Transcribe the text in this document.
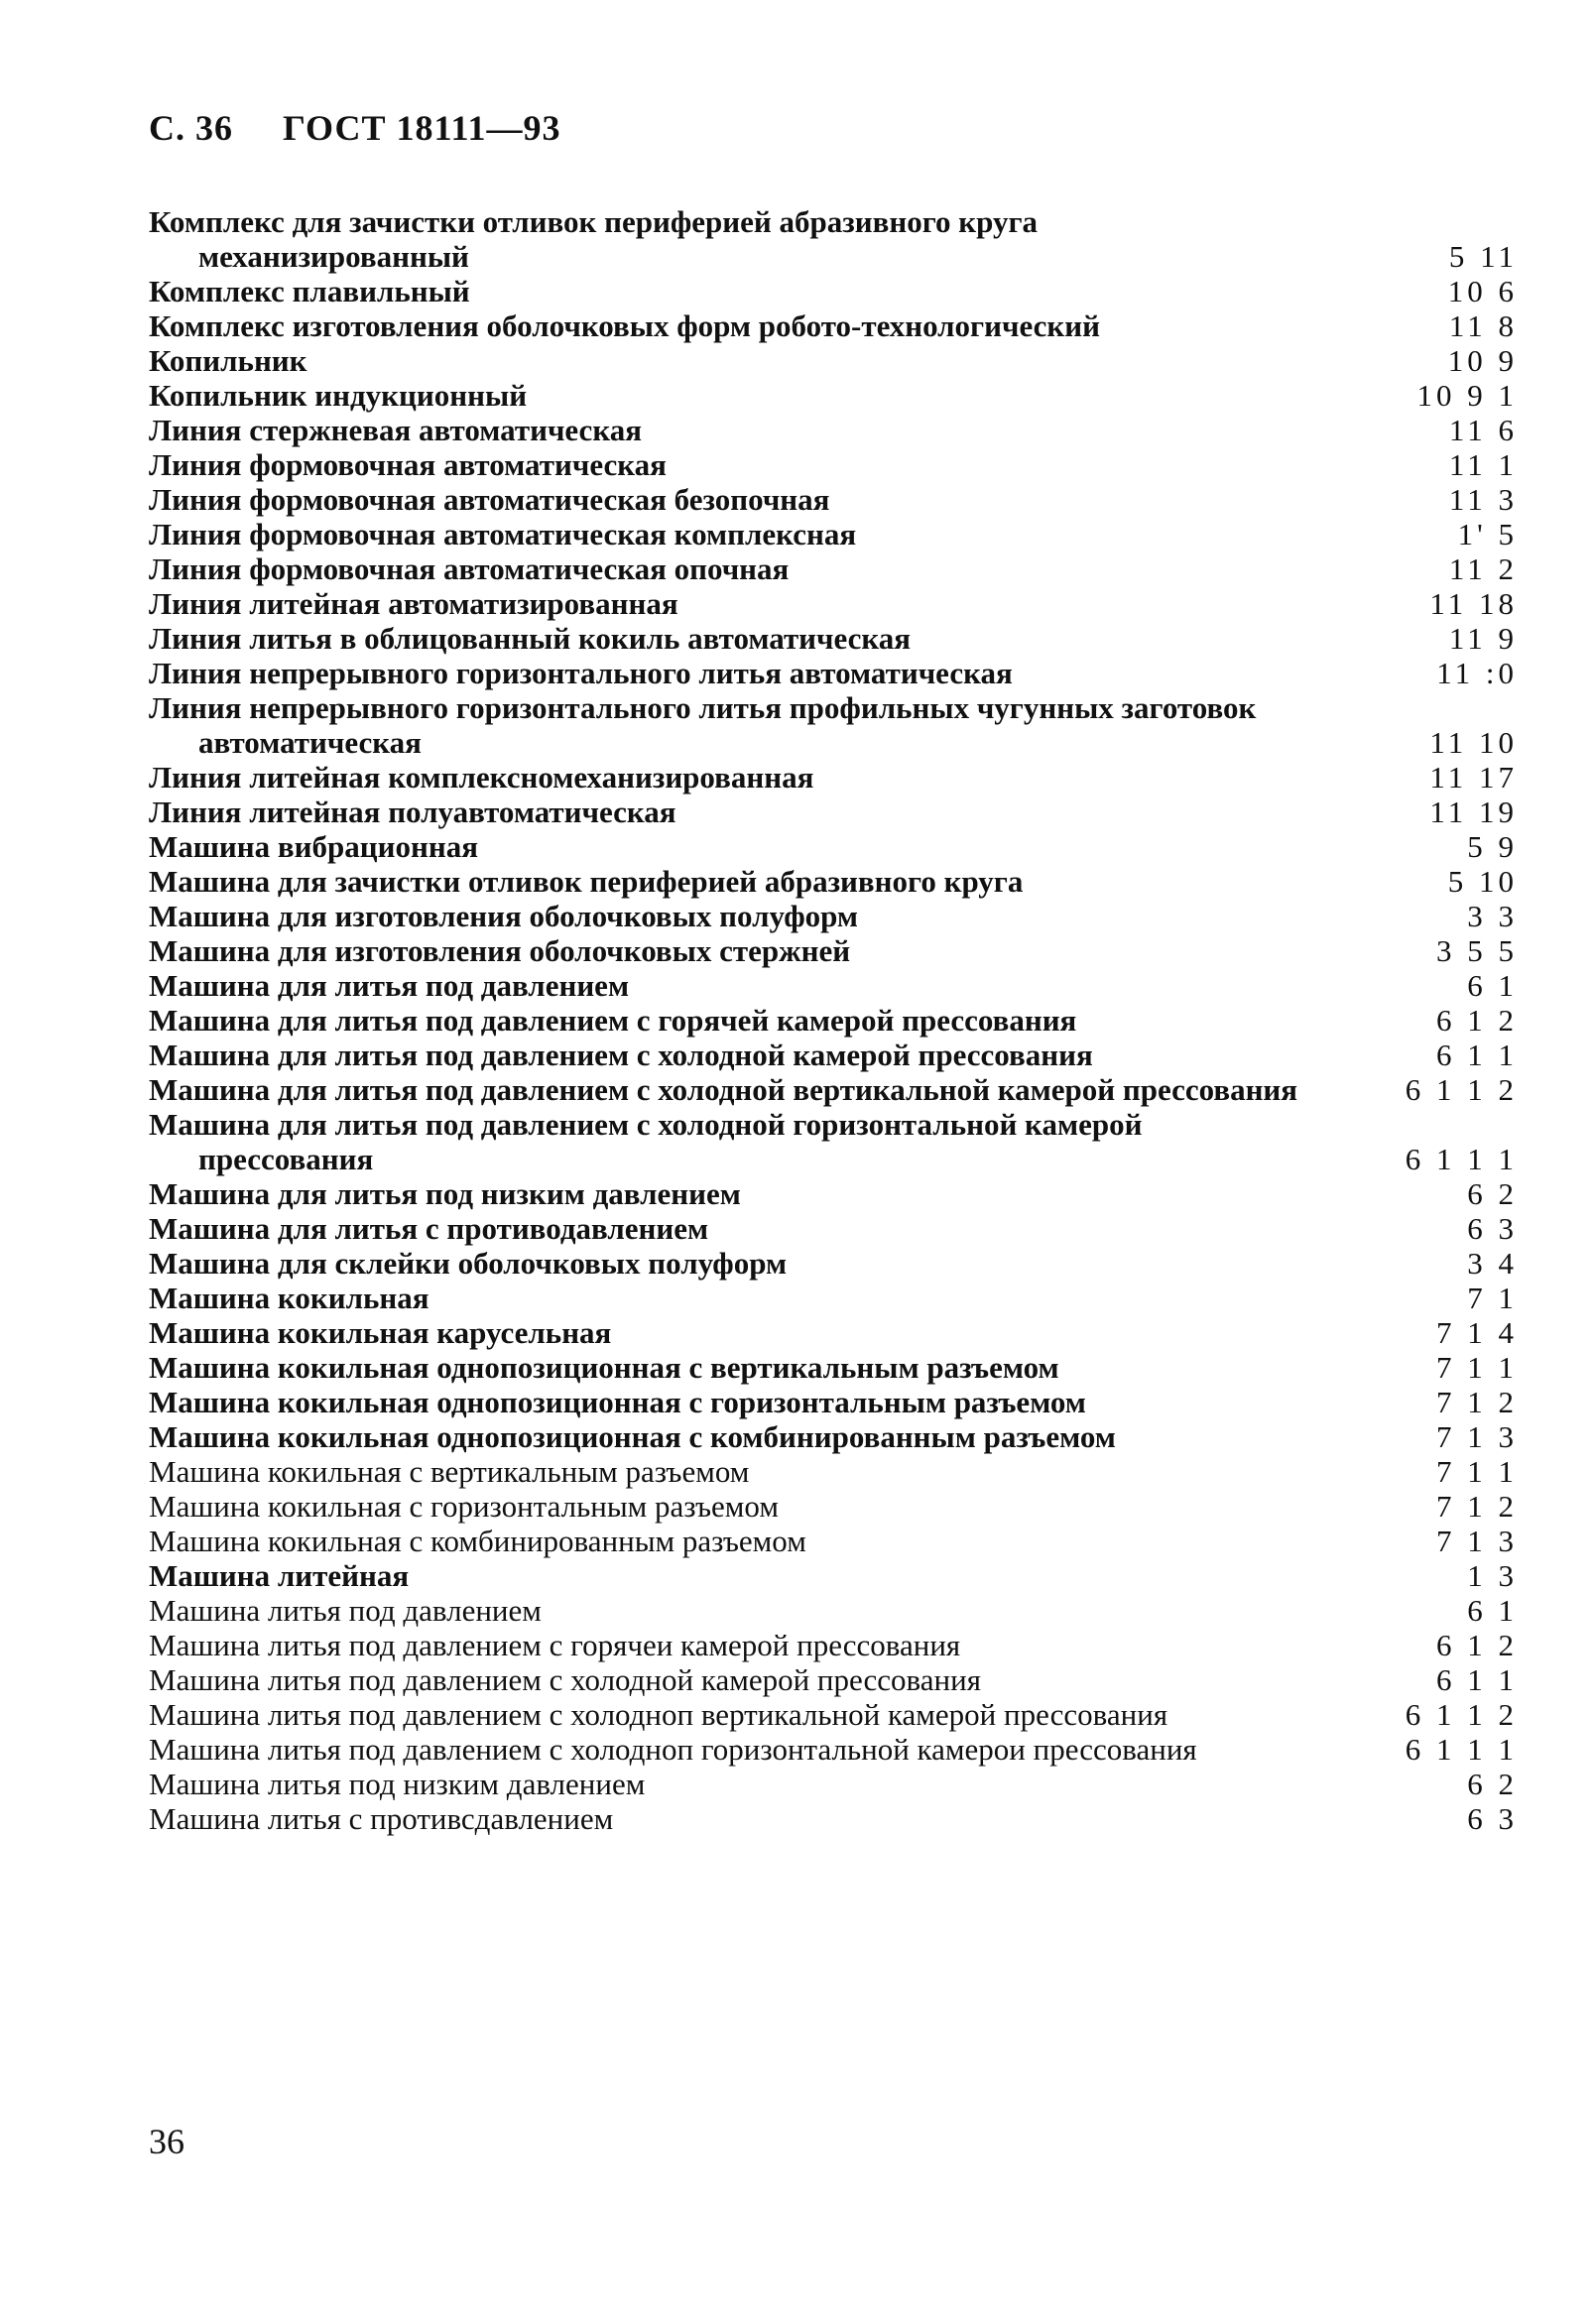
С. 36 ГОСТ 18111—93
Комплекс для зачистки отливок периферией абразивного круга механизированный	5 11
Комплекс плавильный	10 6
Комплекс изготовления оболочковых форм робото-технологический	11 8
Копильник	10 9
Копильник индукционный	10 9 1
Линия стержневая автоматическая	11 6
Линия формовочная автоматическая	11 1
Линия формовочная автоматическая безопочная	11 3
Линия формовочная автоматическая комплексная	1' 5
Линия формовочная автоматическая опочная	11 2
Линия литейная автоматизированная	11 18
Линия литья в облицованный кокиль автоматическая	11 9
Линия непрерывного горизонтального литья автоматическая	11 :0
Линия непрерывного горизонтального литья профильных чугунных заготовок автоматическая	11 10
Линия литейная комплексномеханизированная	11 17
Линия литейная полуавтоматическая	11 19
Машина вибрационная	5 9
Машина для зачистки отливок периферией абразивного круга	5 10
Машина для изготовления оболочковых полуформ	3 3
Машина для изготовления оболочковых стержней	3 5 5
Машина для литья под давлением	6 1
Машина для литья под давлением с горячей камерой прессования	6 1 2
Машина для литья под давлением с холодной камерой прессования	6 1 1
Машина для литья под давлением с холодной вертикальной камерой прессования	6 1 1 2
Машина для литья под давлением с холодной горизонтальной камерой прессования	6 1 1 1
Машина для литья под низким давлением	6 2
Машина для литья с противодавлением	6 3
Машина для склейки оболочковых полуформ	3 4
Машина кокильная	7 1
Машина кокильная карусельная	7 1 4
Машина кокильная однопозиционная с вертикальным разъемом	7 1 1
Машина кокильная однопозиционная с горизонтальным разъемом	7 1 2
Машина кокильная однопозиционная с комбинированным разъемом	7 1 3
Машина кокильная с вертикальным разъемом	7 1 1
Машина кокильная с горизонтальным разъемом	7 1 2
Машина кокильная с комбинированным разъемом	7 1 3
Машина литейная	1 3
Машина литья под давлением	6 1
Машина литья под давлением с горячеи камерой прессования	6 1 2
Машина литья под давлением с холодной камерой прессования	6 1 1
Машина литья под давлением с холодноп вертикальной камерой прессования	6 1 1 2
Машина литья под давлением с холодноп горизонтальной камерои прессования	6 1 1 1
Машина литья под низким давлением	6 2
Машина литья с противсдавлением	6 3
36
